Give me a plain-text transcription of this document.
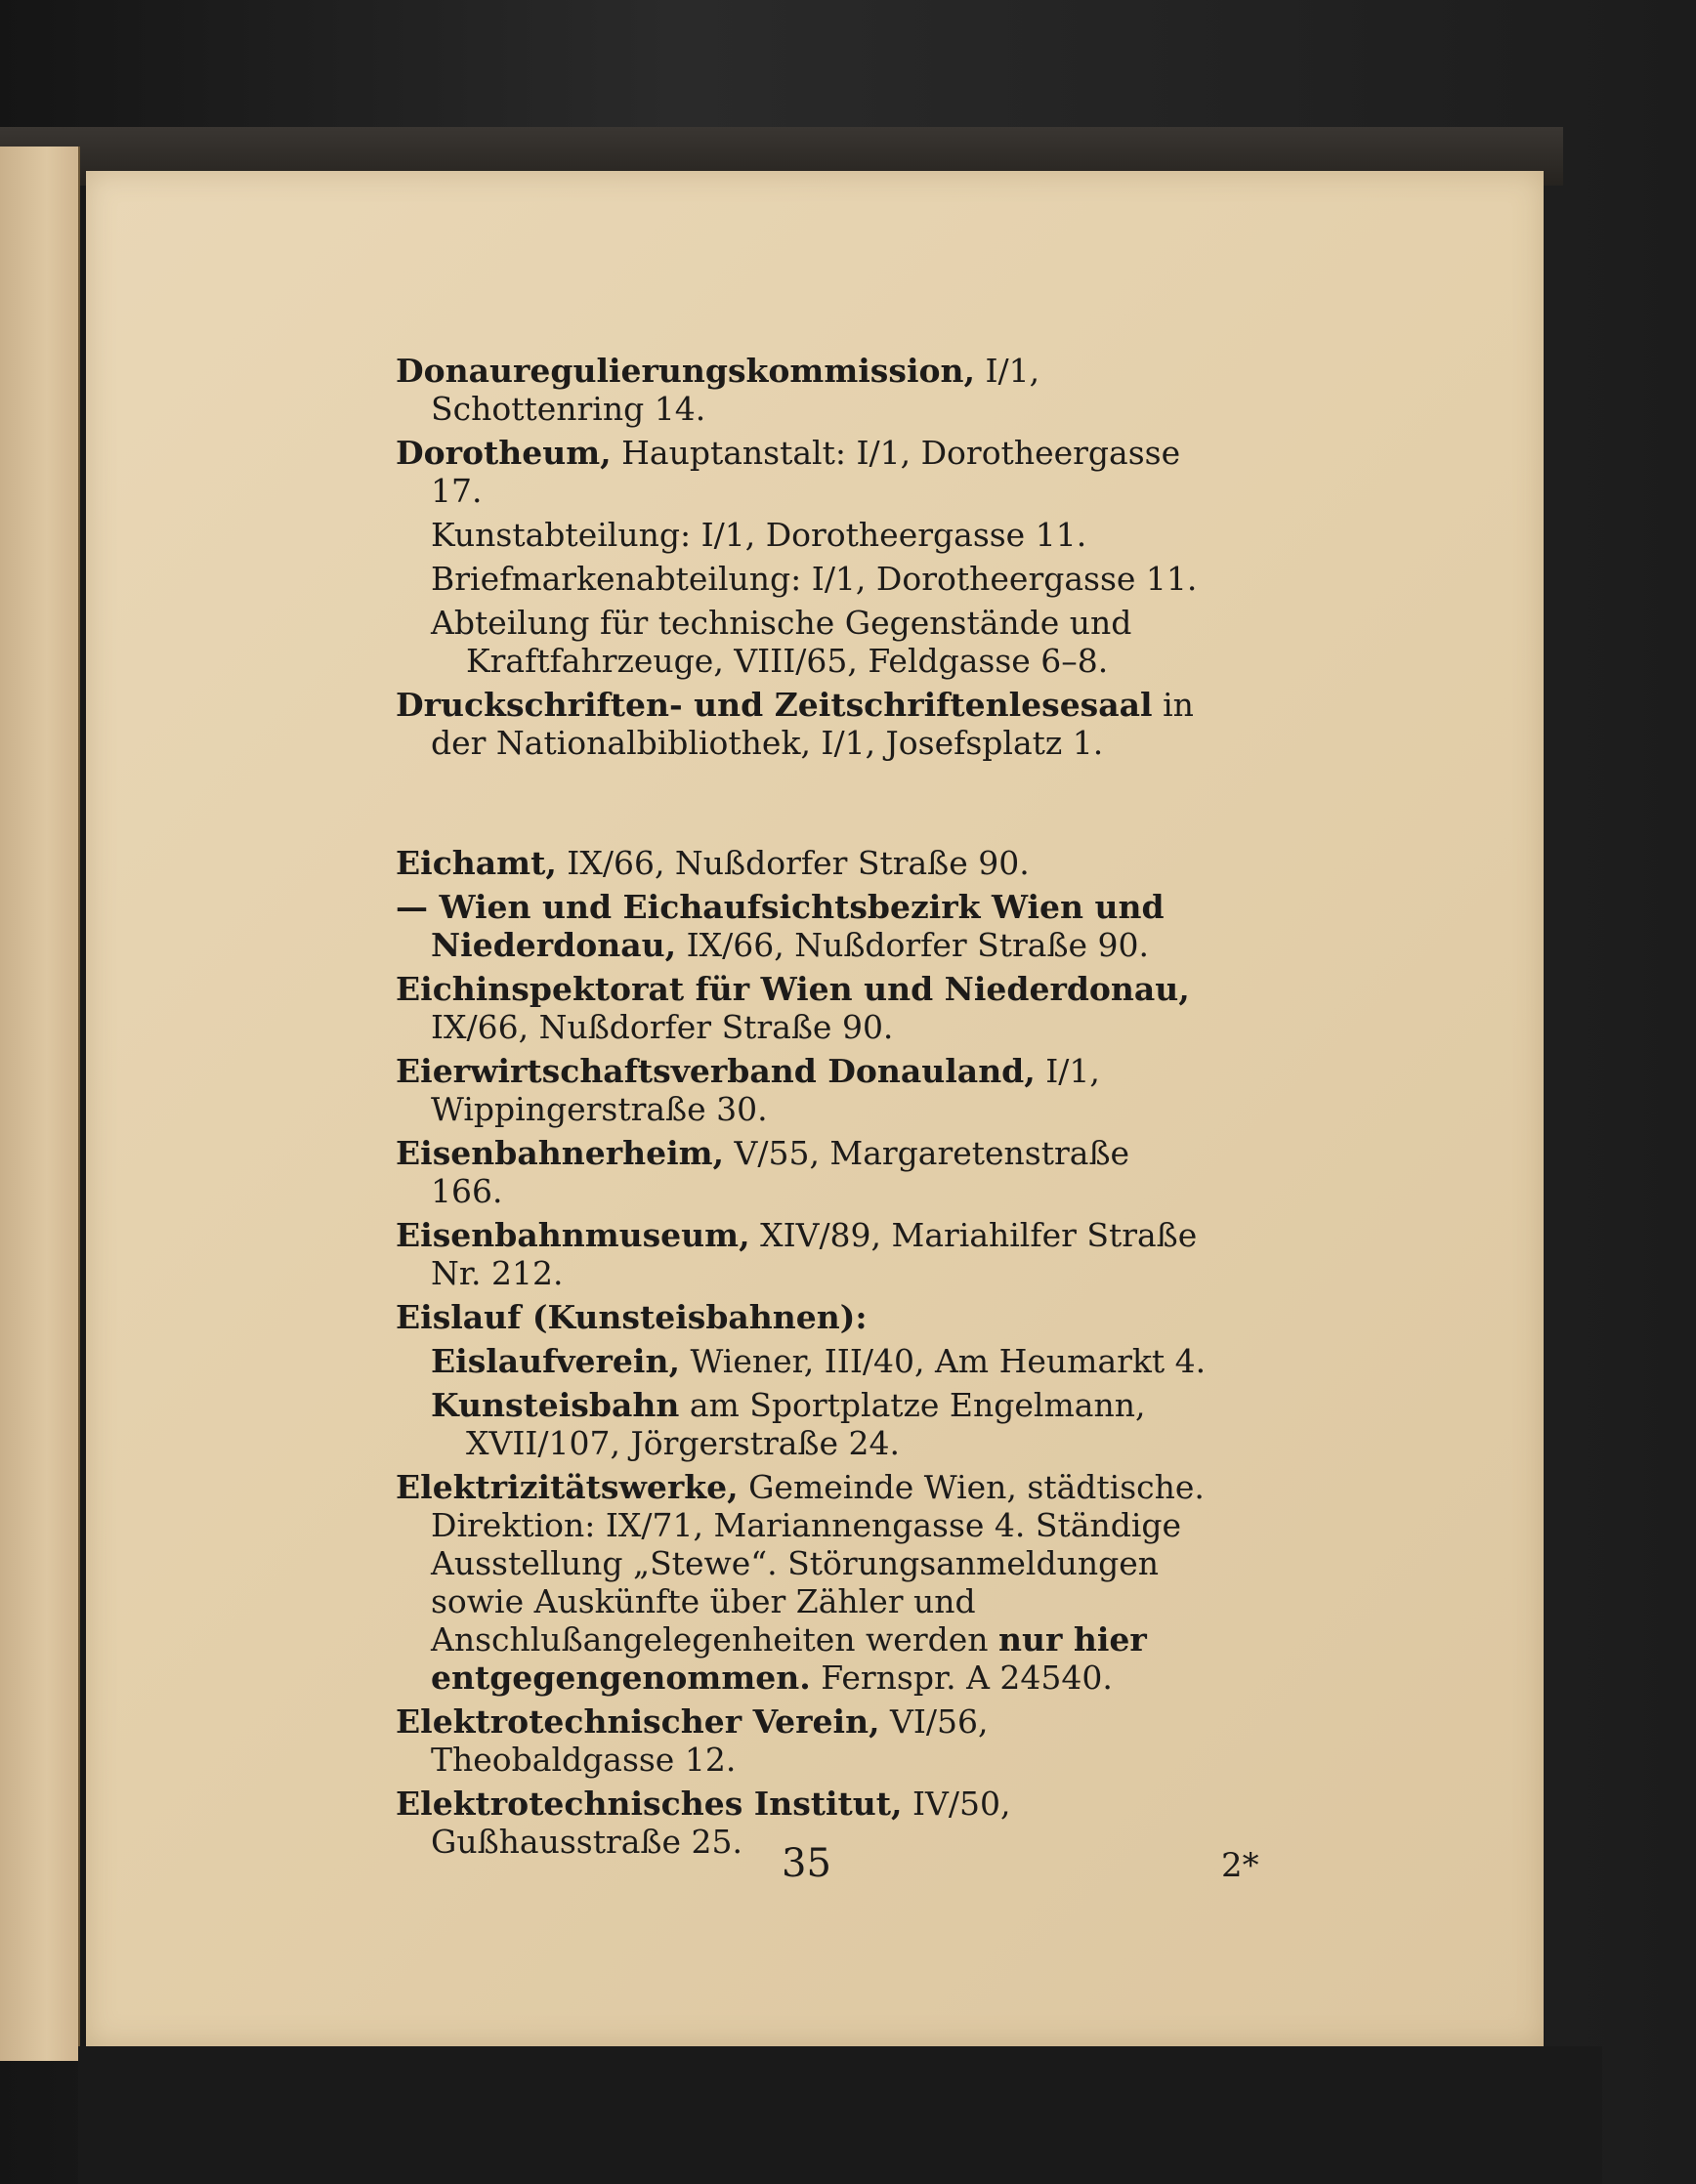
Donauregulierungskommission, I/1, Schottenring 14.

Dorotheum, Hauptanstalt: I/1, Dorotheergasse 17.

Kunstabteilung: I/1, Dorotheergasse 11.

Briefmarkenabteilung: I/1, Dorotheergasse 11.

Abteilung für technische Gegenstände und Kraftfahrzeuge, VIII/65, Feldgasse 6–8.

Druckschriften- und Zeitschriftenlesesaal in der Nationalbibliothek, I/1, Josefsplatz 1.

Eichamt, IX/66, Nußdorfer Straße 90.

— Wien und Eichaufsichtsbezirk Wien und Niederdonau, IX/66, Nußdorfer Straße 90.

Eichinspektorat für Wien und Niederdonau, IX/66, Nußdorfer Straße 90.

Eierwirtschaftsverband Donauland, I/1, Wippingerstraße 30.

Eisenbahnerheim, V/55, Margaretenstraße 166.

Eisenbahnmuseum, XIV/89, Mariahilfer Straße Nr. 212.

Eislauf (Kunsteisbahnen):

Eislaufverein, Wiener, III/40, Am Heumarkt 4.

Kunsteisbahn am Sportplatze Engelmann, XVII/107, Jörgerstraße 24.

Elektrizitätswerke, Gemeinde Wien, städtische. Direktion: IX/71, Mariannengasse 4. Ständige Ausstellung „Stewe“. Störungsanmeldungen sowie Auskünfte über Zähler und Anschlußangelegenheiten werden nur hier entgegengenommen. Fernspr. A 24540.

Elektrotechnischer Verein, VI/56, Theobaldgasse 12.

Elektrotechnisches Institut, IV/50, Gußhausstraße 25.	35	2*
